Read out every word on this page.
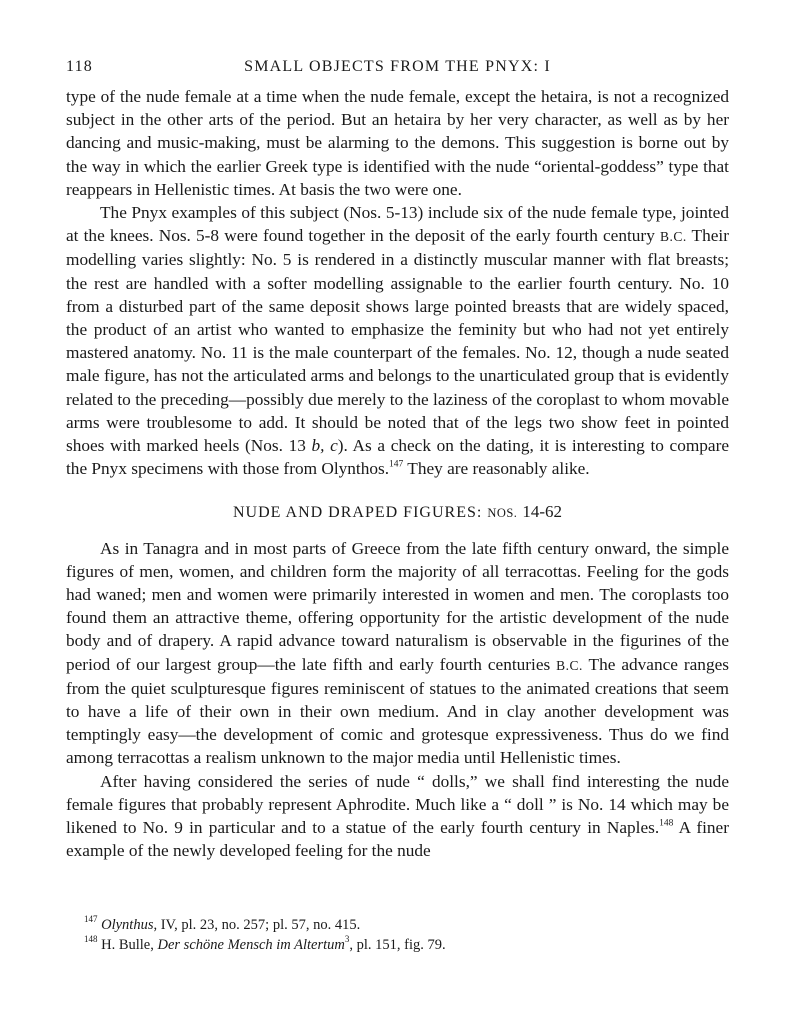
118	SMALL OBJECTS FROM THE PNYX: I

type of the nude female at a time when the nude female, except the hetaira, is not a recognized subject in the other arts of the period. But an hetaira by her very character, as well as by her dancing and music-making, must be alarming to the demons. This suggestion is borne out by the way in which the earlier Greek type is identified with the nude “oriental-goddess” type that reappears in Hellenistic times. At basis the two were one.

The Pnyx examples of this subject (Nos. 5-13) include six of the nude female type, jointed at the knees. Nos. 5-8 were found together in the deposit of the early fourth century B.C. Their modelling varies slightly: No. 5 is rendered in a distinctly muscular manner with flat breasts; the rest are handled with a softer modelling assignable to the earlier fourth century. No. 10 from a disturbed part of the same deposit shows large pointed breasts that are widely spaced, the product of an artist who wanted to emphasize the feminity but who had not yet entirely mastered anatomy. No. 11 is the male counterpart of the females. No. 12, though a nude seated male figure, has not the articulated arms and belongs to the unarticulated group that is evidently related to the preceding—possibly due merely to the laziness of the coroplast to whom movable arms were troublesome to add. It should be noted that of the legs two show feet in pointed shoes with marked heels (Nos. 13 b, c). As a check on the dating, it is interesting to compare the Pnyx specimens with those from Olynthos.$^{147}$ They are reasonably alike.

NUDE AND DRAPED FIGURES: NOS. 14-62

As in Tanagra and in most parts of Greece from the late fifth century onward, the simple figures of men, women, and children form the majority of all terracottas. Feeling for the gods had waned; men and women were primarily interested in women and men. The coroplasts too found them an attractive theme, offering opportunity for the artistic development of the nude body and of drapery. A rapid advance toward naturalism is observable in the figurines of the period of our largest group—the late fifth and early fourth centuries B.C. The advance ranges from the quiet sculpturesque figures reminiscent of statues to the animated creations that seem to have a life of their own in their own medium. And in clay another development was temptingly easy—the development of comic and grotesque expressiveness. Thus do we find among terracottas a realism unknown to the major media until Hellenistic times.

After having considered the series of nude “ dolls,” we shall find interesting the nude female figures that probably represent Aphrodite. Much like a “ doll ” is No. 14 which may be likened to No. 9 in particular and to a statue of the early fourth century in Naples.$^{148}$ A finer example of the newly developed feeling for the nude

$^{147}$ Olynthus, IV, pl. 23, no. 257; pl. 57, no. 415.
$^{148}$ H. Bulle, Der schöne Mensch im Altertum$^3$, pl. 151, fig. 79.
